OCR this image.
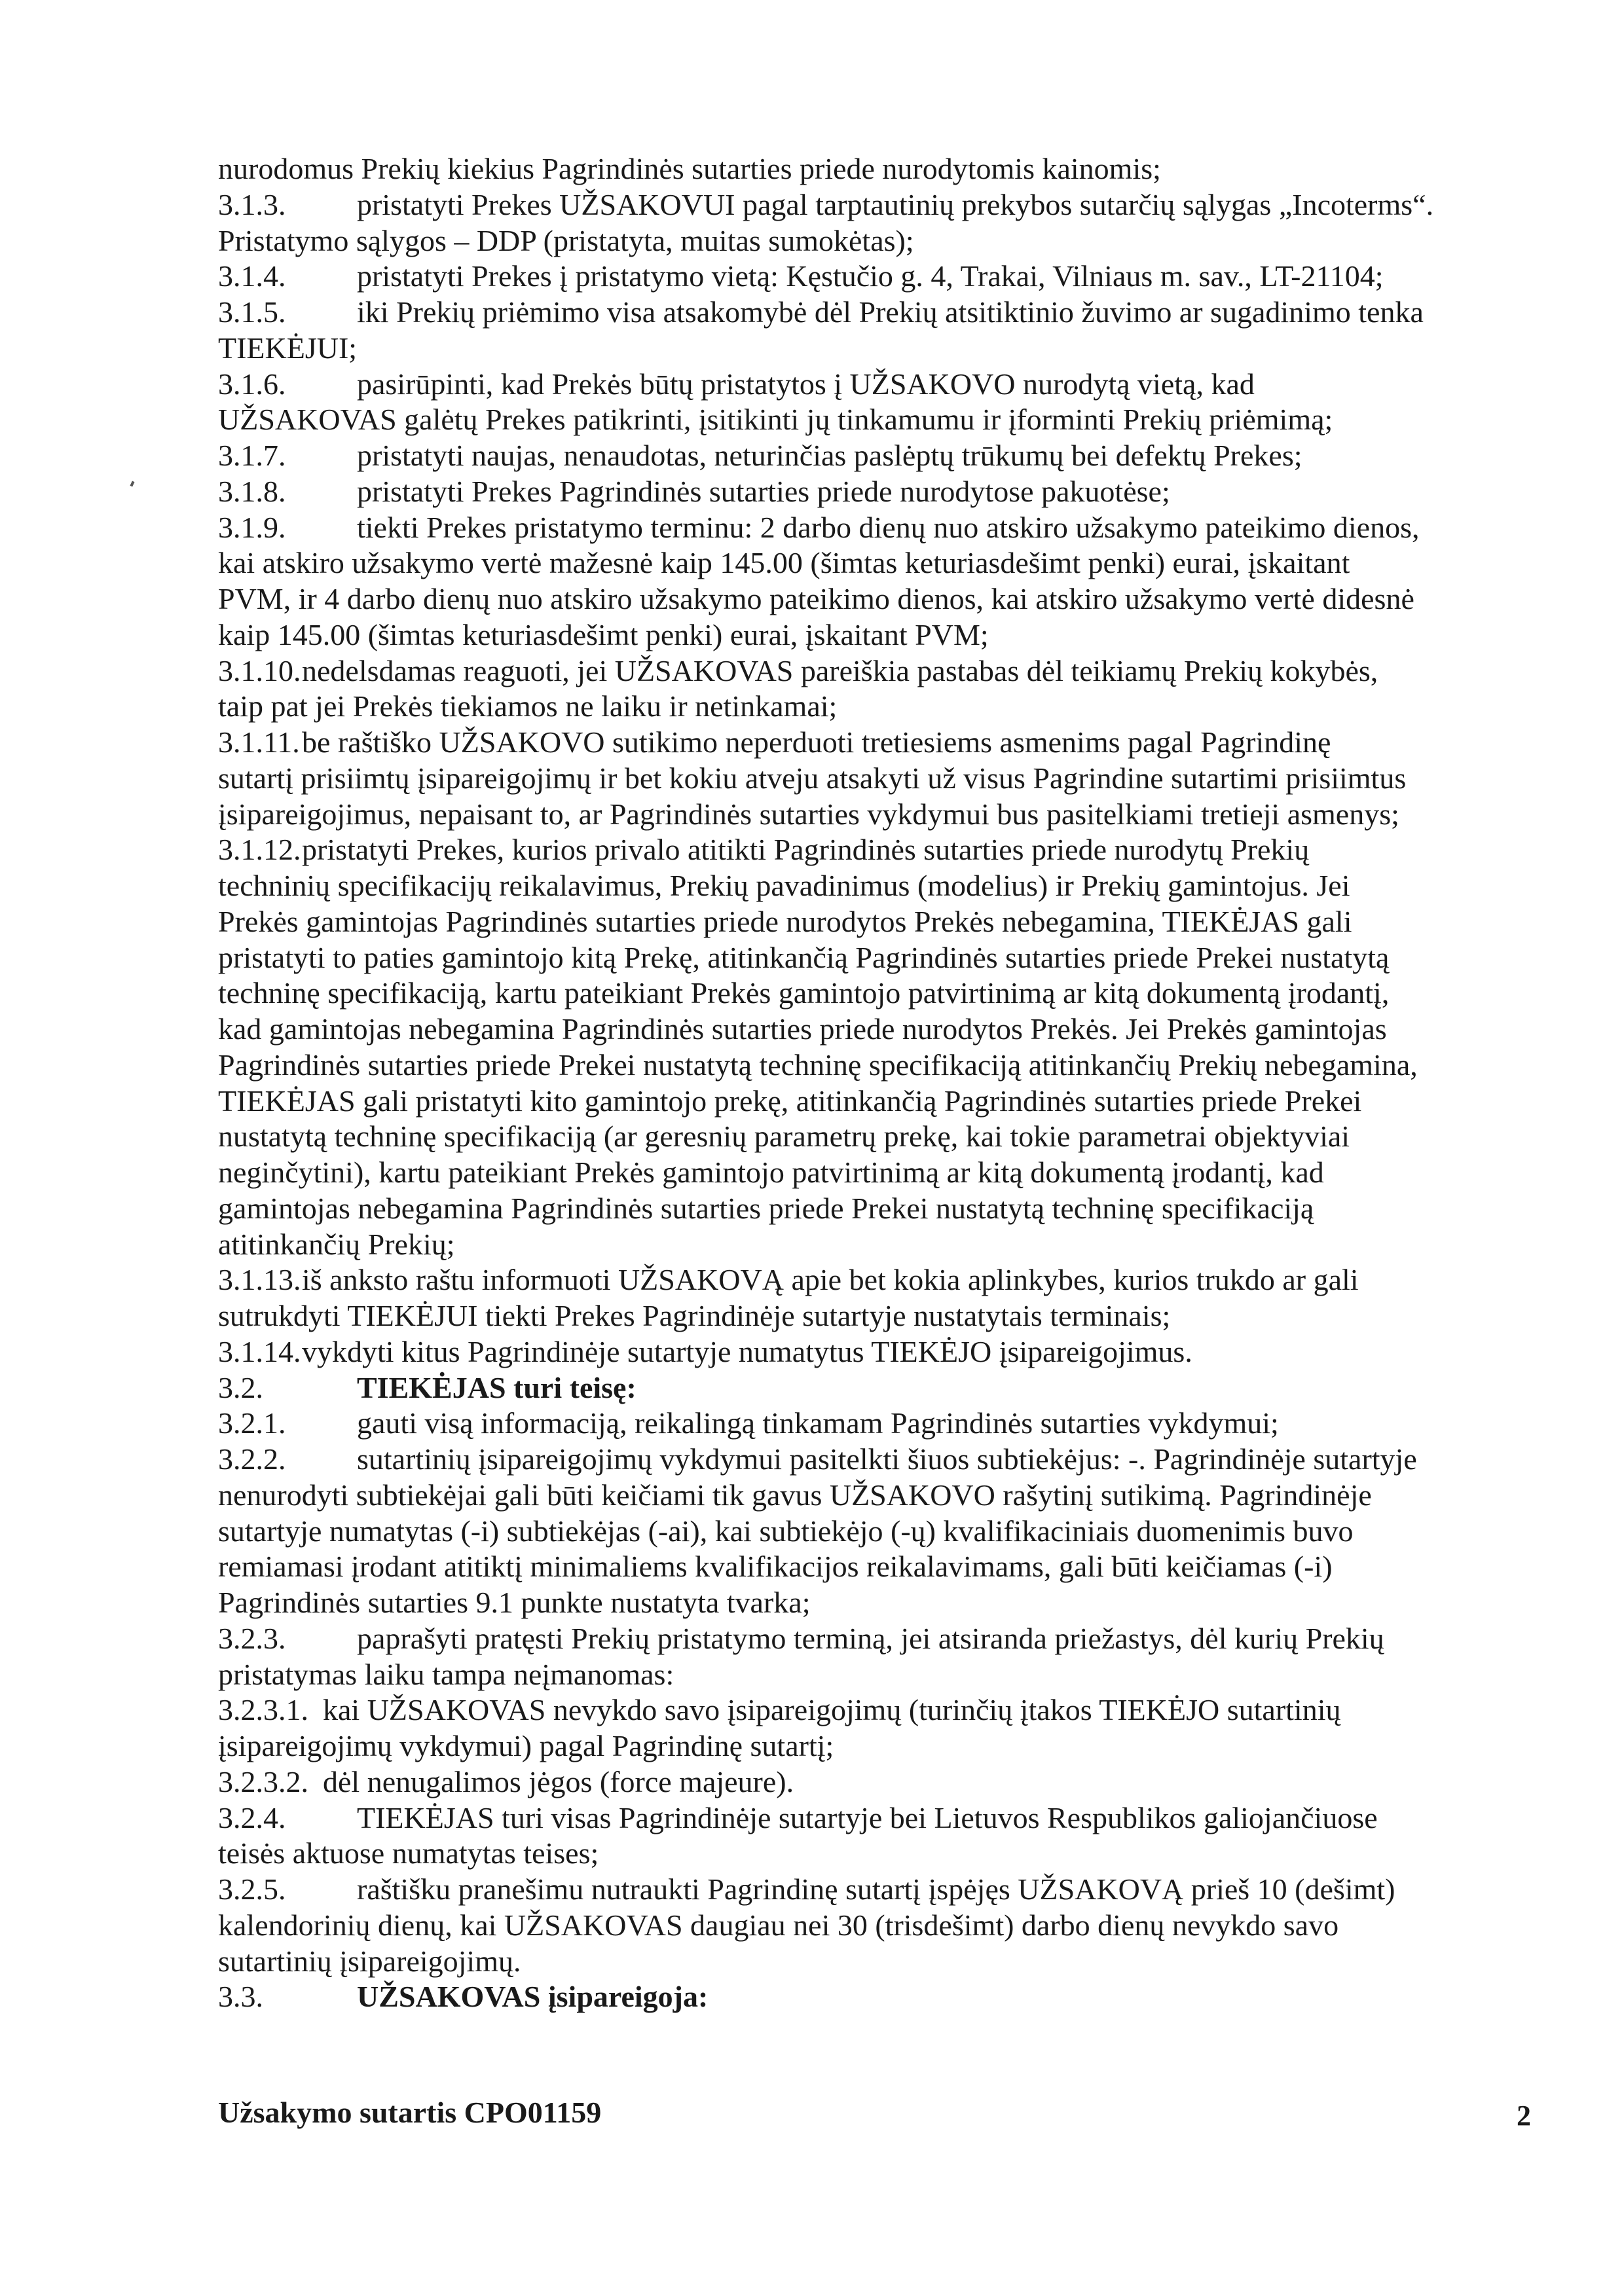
nurodomus Prekių kiekius Pagrindinės sutarties priede nurodytomis kainomis;
3.1.3. pristatyti Prekes UŽSAKOVUI pagal tarptautinių prekybos sutarčių sąlygas „Incoterms“.
Pristatymo sąlygos – DDP (pristatyta, muitas sumokėtas);
3.1.4. pristatyti Prekes į pristatymo vietą: Kęstučio g. 4, Trakai, Vilniaus m. sav., LT-21104;
3.1.5. iki Prekių priėmimo visa atsakomybė dėl Prekių atsitiktinio žuvimo ar sugadinimo tenka
TIEKĖJUI;
3.1.6. pasirūpinti, kad Prekės būtų pristatytos į UŽSAKOVO nurodytą vietą, kad
UŽSAKOVAS galėtų Prekes patikrinti, įsitikinti jų tinkamumu ir įforminti Prekių priėmimą;
3.1.7. pristatyti naujas, nenaudotas, neturinčias paslėptų trūkumų bei defektų Prekes;
3.1.8. pristatyti Prekes Pagrindinės sutarties priede nurodytose pakuotėse;
3.1.9. tiekti Prekes pristatymo terminu: 2 darbo dienų nuo atskiro užsakymo pateikimo dienos,
kai atskiro užsakymo vertė mažesnė kaip 145.00 (šimtas keturiasdešimt penki) eurai, įskaitant
PVM, ir 4 darbo dienų nuo atskiro užsakymo pateikimo dienos, kai atskiro užsakymo vertė didesnė
kaip 145.00 (šimtas keturiasdešimt penki) eurai, įskaitant PVM;
3.1.10.nedelsdamas reaguoti, jei UŽSAKOVAS pareiškia pastabas dėl teikiamų Prekių kokybės,
taip pat jei Prekės tiekiamos ne laiku ir netinkamai;
3.1.11.be raštiško UŽSAKOVO sutikimo neperduoti tretiesiems asmenims pagal Pagrindinę
sutartį prisiimtų įsipareigojimų ir bet kokiu atveju atsakyti už visus Pagrindine sutartimi prisiimtus
įsipareigojimus, nepaisant to, ar Pagrindinės sutarties vykdymui bus pasitelkiami tretieji asmenys;
3.1.12.pristatyti Prekes, kurios privalo atitikti Pagrindinės sutarties priede nurodytų Prekių
techninių specifikacijų reikalavimus, Prekių pavadinimus (modelius) ir Prekių gamintojus. Jei
Prekės gamintojas Pagrindinės sutarties priede nurodytos Prekės nebegamina, TIEKĖJAS gali
pristatyti to paties gamintojo kitą Prekę, atitinkančią Pagrindinės sutarties priede Prekei nustatytą
techninę specifikaciją, kartu pateikiant Prekės gamintojo patvirtinimą ar kitą dokumentą įrodantį,
kad gamintojas nebegamina Pagrindinės sutarties priede nurodytos Prekės. Jei Prekės gamintojas
Pagrindinės sutarties priede Prekei nustatytą techninę specifikaciją atitinkančių Prekių nebegamina,
TIEKĖJAS gali pristatyti kito gamintojo prekę, atitinkančią Pagrindinės sutarties priede Prekei
nustatytą techninę specifikaciją (ar geresnių parametrų prekę, kai tokie parametrai objektyviai
neginčytini), kartu pateikiant Prekės gamintojo patvirtinimą ar kitą dokumentą įrodantį, kad
gamintojas nebegamina Pagrindinės sutarties priede Prekei nustatytą techninę specifikaciją
atitinkančių Prekių;
3.1.13.iš anksto raštu informuoti UŽSAKOVĄ apie bet kokia aplinkybes, kurios trukdo ar gali
sutrukdyti TIEKĖJUI tiekti Prekes Pagrindinėje sutartyje nustatytais terminais;
3.1.14.vykdyti kitus Pagrindinėje sutartyje numatytus TIEKĖJO įsipareigojimus.
3.2.	TIEKĖJAS turi teisę:
3.2.1. gauti visą informaciją, reikalingą tinkamam Pagrindinės sutarties vykdymui;
3.2.2. sutartinių įsipareigojimų vykdymui pasitelkti šiuos subtiekėjus: -. Pagrindinėje sutartyje
nenurodyti subtiekėjai gali būti keičiami tik gavus UŽSAKOVO rašytinį sutikimą. Pagrindinėje
sutartyje numatytas (-i) subtiekėjas (-ai), kai subtiekėjo (-ų) kvalifikaciniais duomenimis buvo
remiamasi įrodant atitiktį minimaliems kvalifikacijos reikalavimams, gali būti keičiamas (-i)
Pagrindinės sutarties 9.1 punkte nustatyta tvarka;
3.2.3. paprašyti pratęsti Prekių pristatymo terminą, jei atsiranda priežastys, dėl kurių Prekių
pristatymas laiku tampa neįmanomas:
3.2.3.1. kai UŽSAKOVAS nevykdo savo įsipareigojimų (turinčių įtakos TIEKĖJO sutartinių
įsipareigojimų vykdymui) pagal Pagrindinę sutartį;
3.2.3.2. dėl nenugalimos jėgos (force majeure).
3.2.4. TIEKĖJAS turi visas Pagrindinėje sutartyje bei Lietuvos Respublikos galiojančiuose
teisės aktuose numatytas teises;
3.2.5. raštišku pranešimu nutraukti Pagrindinę sutartį įspėjęs UŽSAKOVĄ prieš 10 (dešimt)
kalendorinių dienų, kai UŽSAKOVAS daugiau nei 30 (trisdešimt) darbo dienų nevykdo savo
sutartinių įsipareigojimų.
3.3.	UŽSAKOVAS įsipareigoja:
Užsakymo sutartis CPO01159	2
